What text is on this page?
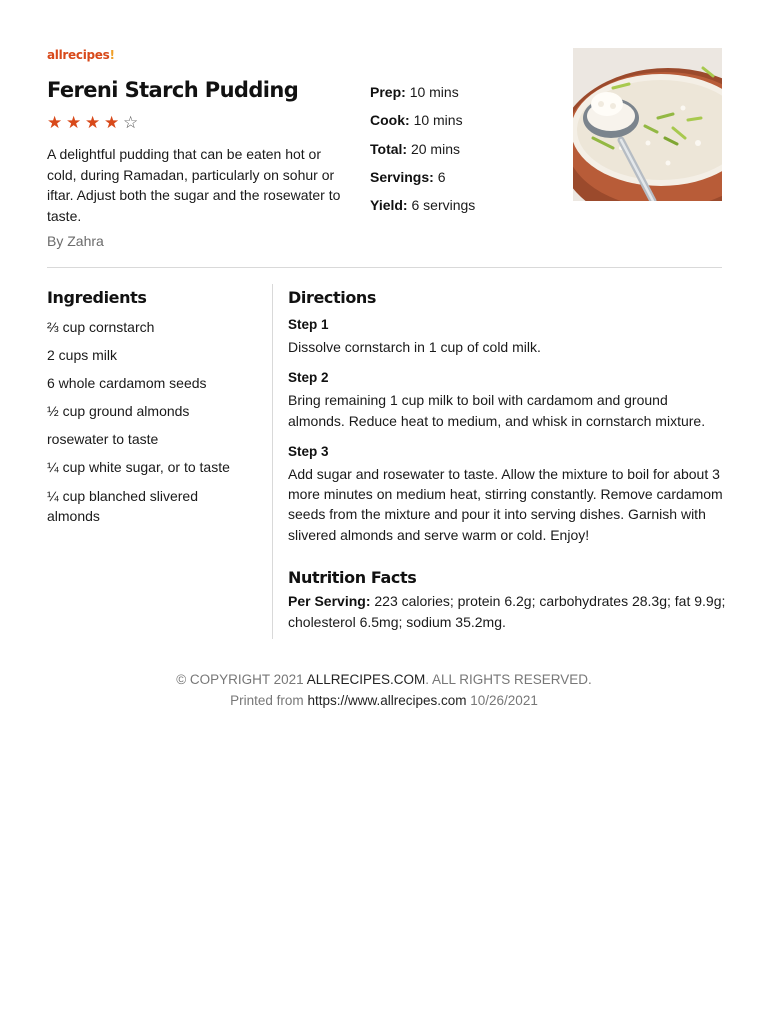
allrecipes!
Fereni Starch Pudding
★ ★ ★ ★ ☆
A delightful pudding that can be eaten hot or cold, during Ramadan, particularly on sohur or iftar. Adjust both the sugar and the rosewater to taste.
By Zahra
Prep: 10 mins
Cook: 10 mins
Total: 20 mins
Servings: 6
Yield: 6 servings
Ingredients
⅔ cup cornstarch
2 cups milk
6 whole cardamom seeds
½ cup ground almonds
rosewater to taste
¼ cup white sugar, or to taste
¼ cup blanched slivered almonds
Directions
Step 1
Dissolve cornstarch in 1 cup of cold milk.
Step 2
Bring remaining 1 cup milk to boil with cardamom and ground almonds. Reduce heat to medium, and whisk in cornstarch mixture.
Step 3
Add sugar and rosewater to taste. Allow the mixture to boil for about 3 more minutes on medium heat, stirring constantly. Remove cardamom seeds from the mixture and pour it into serving dishes. Garnish with slivered almonds and serve warm or cold. Enjoy!
Nutrition Facts
Per Serving: 223 calories; protein 6.2g; carbohydrates 28.3g; fat 9.9g; cholesterol 6.5mg; sodium 35.2mg.
© COPYRIGHT 2021 ALLRECIPES.COM. ALL RIGHTS RESERVED.
Printed from https://www.allrecipes.com 10/26/2021
